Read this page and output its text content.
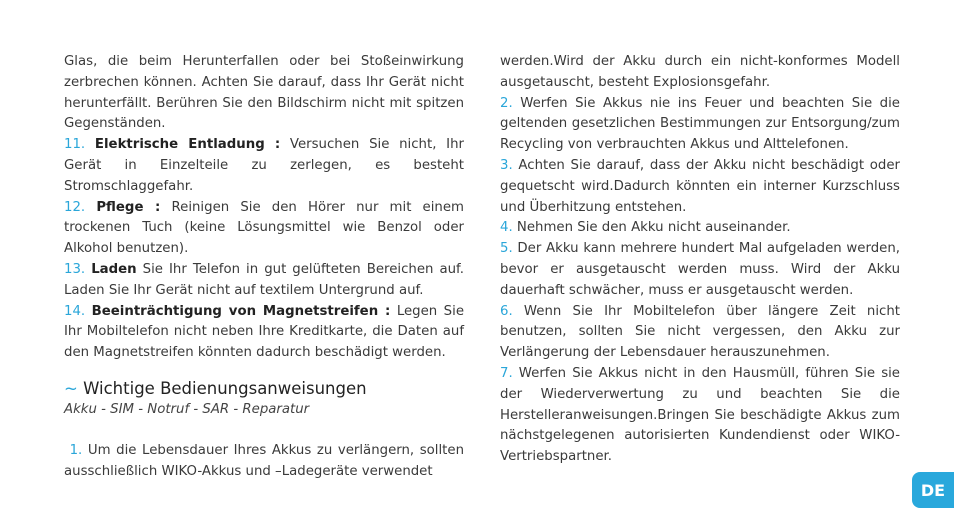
Glas, die beim Herunterfallen oder bei Stoßeinwirkung zerbrechen können. Achten Sie darauf, dass Ihr Gerät nicht herunterfällt. Berühren Sie den Bildschirm nicht mit spitzen Gegenständen.

11. Elektrische Entladung : Versuchen Sie nicht, Ihr Gerät in Einzelteile zu zerlegen, es besteht Stromschlaggefahr.

12. Pflege : Reinigen Sie den Hörer nur mit einem trockenen Tuch (keine Lösungsmittel wie Benzol oder Alkohol benutzen).

13. Laden Sie Ihr Telefon in gut gelüfteten Bereichen auf. Laden Sie Ihr Gerät nicht auf textilem Untergrund auf.

14. Beeinträchtigung von Magnetstreifen : Legen Sie Ihr Mobiltelefon nicht neben Ihre Kreditkarte, die Daten auf den Magnetstreifen könnten dadurch beschädigt werden.

~ Wichtige Bedienungsanweisungen

Akku - SIM - Notruf - SAR - Reparatur

1. Um die Lebensdauer Ihres Akkus zu verlängern, sollten ausschließlich WIKO-Akkus und –Ladegeräte verwendet

werden.Wird der Akku durch ein nicht-konformes Modell ausgetauscht, besteht Explosionsgefahr.

2. Werfen Sie Akkus nie ins Feuer und beachten Sie die geltenden gesetzlichen Bestimmungen zur Entsorgung/zum Recycling von verbrauchten Akkus und Alttelefonen.

3. Achten Sie darauf, dass der Akku nicht beschädigt oder gequetscht wird.Dadurch könnten ein interner Kurzschluss und Überhitzung entstehen.

4. Nehmen Sie den Akku nicht auseinander.

5. Der Akku kann mehrere hundert Mal aufgeladen werden, bevor er ausgetauscht werden muss. Wird der Akku dauerhaft schwächer, muss er ausgetauscht werden.

6. Wenn Sie Ihr Mobiltelefon über längere Zeit nicht benutzen, sollten Sie nicht vergessen, den Akku zur Verlängerung der Lebensdauer herauszunehmen.

7. Werfen Sie Akkus nicht in den Hausmüll, führen Sie sie der Wiederverwertung zu und beachten Sie die Herstelleranweisungen.Bringen Sie beschädigte Akkus zum nächstgelegenen autorisierten Kundendienst oder WIKO-Vertriebspartner.

DE
